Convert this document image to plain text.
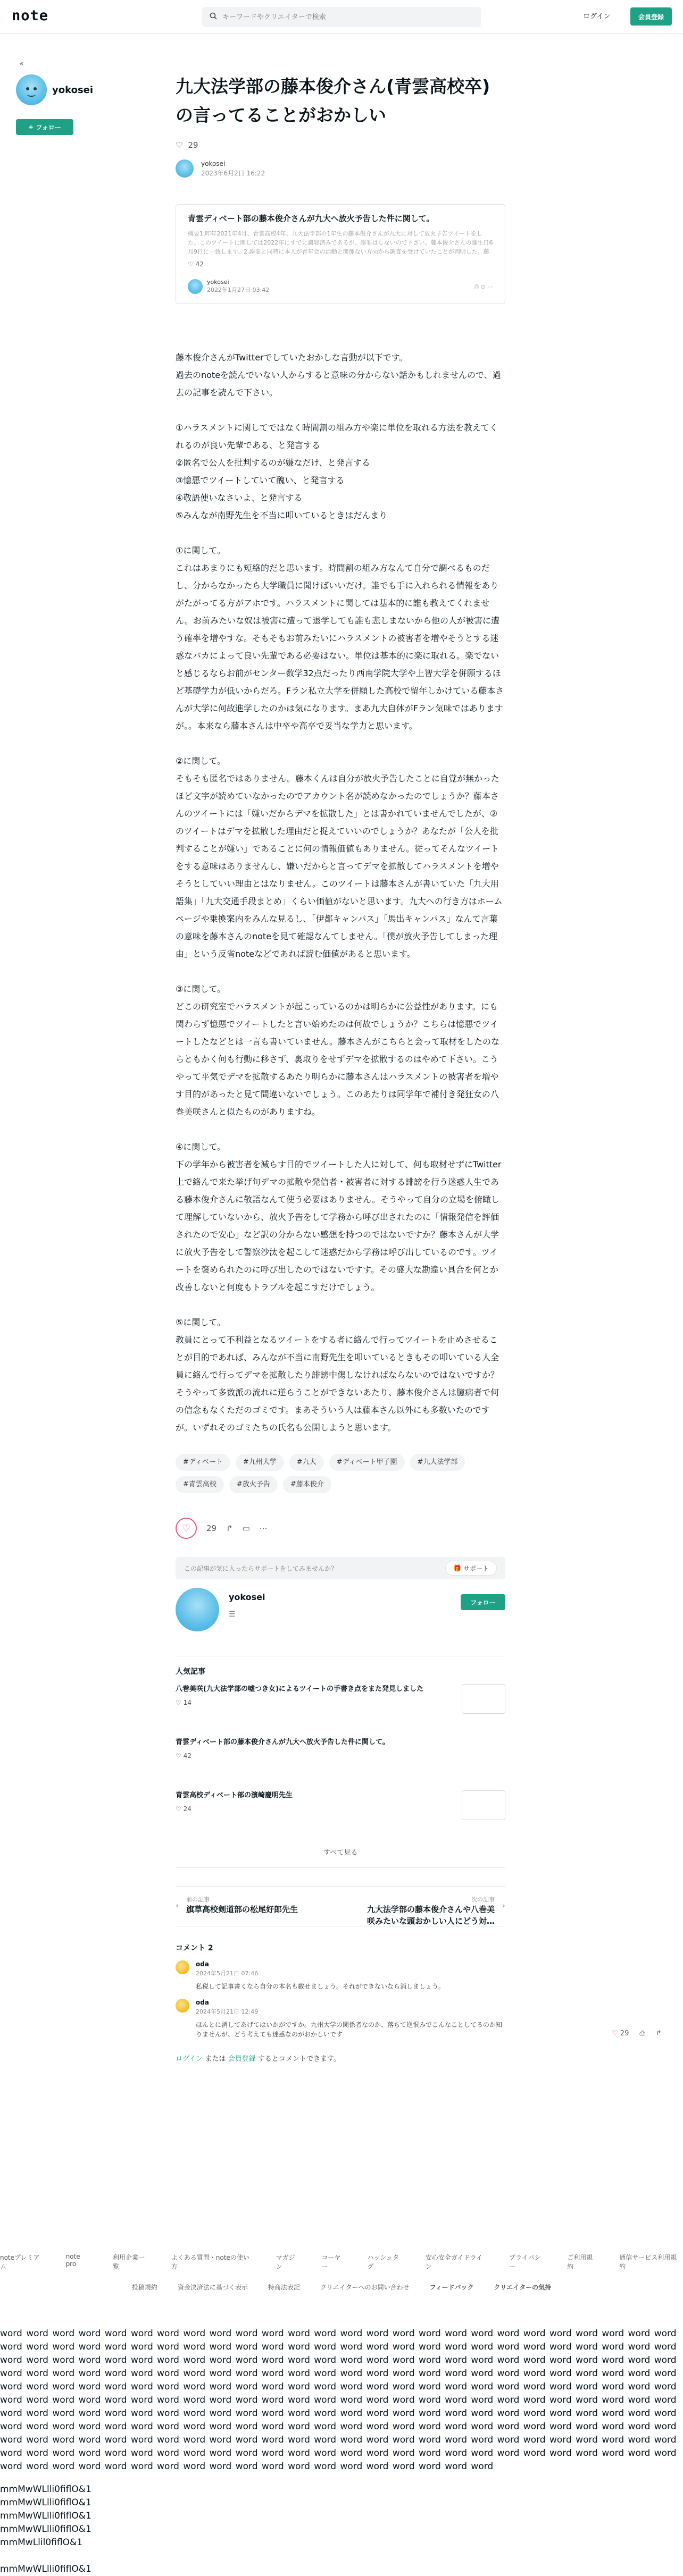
note
キーワードやクリエイターで検索	ログイン	会員登録
«
yokosei
+
フォロー
九大法学部の藤本俊介さん(青雲高校卒)の言ってることがおかしい
♡ 29
yokosei
2023年6月2日 16:22
青雲ディベート部の藤本俊介さんが九大へ放火予告した件に関して。
概要1.昨年2021年4月、青雲高校4年、九大法学部の1年生の藤本俊介さんが九大に対して放火予告ツイートをした。このツイートに関しては2022年にすでに謝罪済みであるが、謝罪はしないので下さい。藤本俊介さんの誕生日6月9日に一致します。2.謝罪と同時に本人が青年会の活動と関係ない方向から調査を受けていたことが判明した。藤
♡ 42
yokosei
2022年1月27日 03:42	⎙ ⊙ ⋯

藤本俊介さんがTwitterでしていたおかしな言動が以下です。
過去のnoteを読んでいない人からすると意味の分からない話かもしれませんので、過去の記事を読んで下さい。

①ハラスメントに関してではなく時間割の組み方や楽に単位を取れる方法を教えてくれるのが良い先輩である、と発言する
②匿名で公人を批判するのが嫌なだけ、と発言する
③憶悪でツイートしていて醜い、と発言する
④敬語使いなさいよ、と発言する
⑤みんなが南野先生を不当に叩いているときはだんまり

①に関して。
これはあまりにも短絡的だと思います。時間割の組み方なんて自分で調べるものだし、分からなかったら大学職員に聞けばいいだけ。誰でも手に入れられる情報をありがたがってる方がアホです。ハラスメントに関しては基本的に誰も教えてくれません。お前みたいな奴は被害に遭って退学しても誰も悲しまないから他の人が被害に遭う確率を増やすな。そもそもお前みたいにハラスメントの被害者を増やそうとする迷惑なバカによって良い先輩である必要はない。単位は基本的に楽に取れる。楽でないと感じるならお前がセンター数学32点だったり西南学院大学や上智大学を併願するほど基礎学力が低いからだろ。Fラン私立大学を併願した高校で留年しかけている藤本さんが大学に何故進学したのかは気になります。まあ九大自体がFラン気味ではありますが。。本来なら藤本さんは中卒や高卒で妥当な学力と思います。

②に関して。
そもそも匿名ではありません。藤本くんは自分が放火予告したことに自覚が無かったほど文字が読めていなかったのでアカウント名が読めなかったのでしょうか？藤本さんのツイートには「嫌いだからデマを拡散した」とは書かれていませんでしたが、②のツイートはデマを拡散した理由だと捉えていいのでしょうか？あなたが「公人を批判することが嫌い」であることに何の情報価値もありません。従ってそんなツイートをする意味はありませんし、嫌いだからと言ってデマを拡散してハラスメントを増やそうとしていい理由とはなりません。このツイートは藤本さんが書いていた「九大用語集」「九大交通手段まとめ」くらい価値がないと思います。九大への行き方はホームページや乗換案内をみんな見るし、「伊都キャンパス」「馬出キャンパス」なんて言葉の意味を藤本さんのnoteを見て確認なんてしません。「僕が放火予告してしまった理由」という反省noteなどであれば読む価値があると思います。

③に関して。
どこの研究室でハラスメントが起こっているのかは明らかに公益性があります。にも関わらず憶悪でツイートしたと言い始めたのは何故でしょうか？こちらは憶悪でツイートしたなどとは一言も書いていません。藤本さんがこちらと会って取材をしたのならともかく何も行動に移さず、裏取りをせずデマを拡散するのはやめて下さい。こうやって平気でデマを拡散するあたり明らかに藤本さんはハラスメントの被害者を増やす目的があったと見て間違いないでしょう。このあたりは同学年で補付き発狂女の八巻美咲さんと似たものがありますね。

④に関して。
下の学年から被害者を減らす目的でツイートした人に対して、何も取材せずにTwitter上で絡んで来た挙げ句デマの拡散や発信者・被害者に対する誹謗を行う迷惑人生である藤本俊介さんに敬語なんて使う必要はありません。そうやって自分の立場を俯瞰して理解していないから、放火予告をして学務から呼び出されたのに「情報発信を評価されたので安心」など訳の分からない感想を持つのではないですか？藤本さんが大学に放火予告をして警察沙汰を起こして迷惑だから学務は呼び出しているのです。ツイートを褒められたのに呼び出したのではないですす。その盛大な勘違い具合を何とか改善しないと何度もトラブルを起こすだけでしょう。

⑤に関して。
教員にとって不利益となるツイートをする者に絡んで行ってツイートを止めさせることが目的であれば、みんなが不当に南野先生を叩いているときもその叩いている人全員に絡んで行ってデマを拡散したり誹謗中傷しなければならないのではないですか？そうやって多数派の流れに逆らうことができないあたり、藤本俊介さんは臆病者で何の信念もなくただのゴミです。まあそういう人は藤本さん以外にも多数いたのですが。いずれそのゴミたちの氏名も公開しようと思います。

#ディベート	#九州大学	#九大	#ディベート甲子園	#九大法学部
#青雲高校	#放火予告	#藤本俊介
♡ 29 ↱ ▭ ⋯
この記事が気に入ったらサポートをしてみませんか？	🎁
サポート
yokosei
☰
フォロー
人気記事
八巻美咲(九大法学部の嘘つき女)によるツイートの手書き点をまた発見しました
♡ 14
青雲ディベート部の藤本俊介さんが九大へ放火予告した件に関して。
♡ 42
青雲高校ディベート部の濱崎慶明先生
♡ 24
すべて見る
‹
前の記事
旗草高校剣道部の松尾好郎先生
次の記事
九大法学部の藤本俊介さんや八巻美咲みたいな頭おかしい人にどう対…
›
コメント 2
oda
2024年5月21日 07:46
私税して記事書くなら自分の本名も載せましょう。それができないなら消しましょう。
oda
2024年5月21日 12:49
ほんとに消してあげてはいかがですか。九州大学の関係者なのか、落ちて逆恨みでこんなことしてるのか知りませんが、どう考えても迷惑なのがおかしいです
ログイン または 会員登録 するとコメントできます。
♡ 29 ⎙ ↱
noteプレミアム
note pro
利用企業一覧
よくある質問・noteの使い方
マガジン
コーヤー
ハッシュタグ
安心安全ガイドライン
プライバシー
ご利用規約
通信サービス利用規約
投稿規約	資金決済法に基づく表示	特商法表記	クリエイターへのお問い合わせ	フィードバック	クリエイターの気持
word word word word word word word word word word word word word word word word word word word word word word word word word word word word word word word word word word word word word word word word word word word word word word word word word word word word word word word word word word word word word word word word word word word word word word word word word word word word word word word word word word word word word word word word word word word word word word word word word word word word word word word word word word word word word word word word word word word word word word word word word word word word word word word word word word word word word word word word word word word word word word word word word word word word word word word word word word word word word word word word word word word word word word word word word word word word word word word word word word word word word word word word word word word word word word word word word word word word word word word word word word word word word word word word word word word word word word word word word word word word word word word word word word word word word word word word word word word word word word word word word word word word word word word word word word word word word word word word word word word word word word word word word word word word word word word word word word word word word word word
mmMwWLlli0fiflO&1
mmMwWLlli0fiflO&1
mmMwWLlli0fiflO&1
mmMwWLlli0fiflO&1
mmMwLlil0fiflO&1
mmMwWLlli0fiflO&1
